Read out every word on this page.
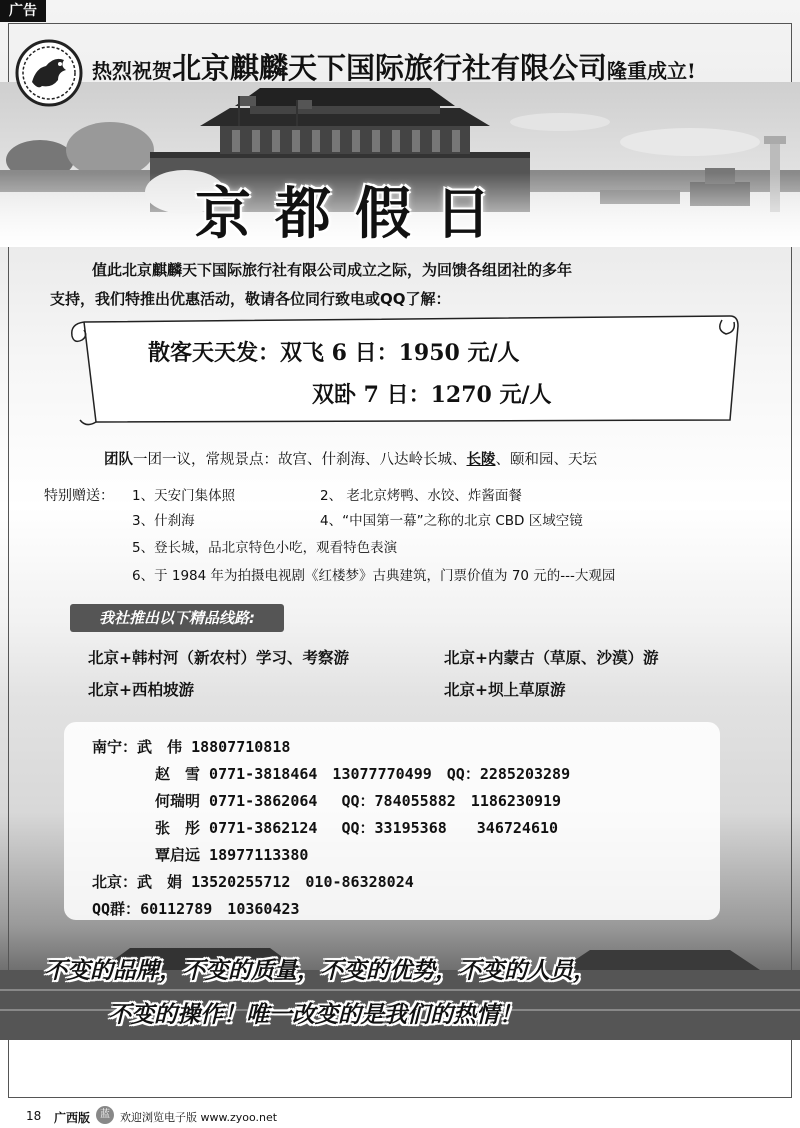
广告
热烈祝贺北京麒麟天下国际旅行社有限公司隆重成立!
京都假日

值此北京麒麟天下国际旅行社有限公司成立之际，为回馈各组团社的多年

支持，我们特推出优惠活动，敬请各位同行致电或QQ了解：

散客天天发：双飞 6 日：1950 元/人
双卧 7 日：1270 元/人
团队一团一议，常规景点：故宫、什刹海、八达岭长城、长陵、颐和园、天坛
特别赠送： 1、天安门集体照	2、 老北京烤鸭、水饺、炸酱面餐
3、什刹海	4、“中国第一幕”之称的北京 CBD 区域空镜
5、登长城，品北京特色小吃，观看特色表演
6、于 1984 年为拍摄电视剧《红楼梦》古典建筑，门票价值为 70 元的---大观园
我社推出以下精品线路:
北京+韩村河（新农村）学习、考察游	北京+内蒙古（草原、沙漠）游
北京+西柏坡游	北京+坝上草原游
南宁：武　伟 18807710818
赵　雪 0771-3818464　13077770499　QQ：2285203289
何瑞明 0771-3862064　 QQ：784055882　1186230919
张　彤 0771-3862124　 QQ：33195368　　346724610
覃启远 18977113380
北京：武　娟 13520255712　010-86328024
QQ群：60112789　10360423
不变的品牌，不变的质量，不变的优势，不变的人员，
不变的操作！唯一改变的是我们的热情！
☆ 凭我社优势长期代订：北京--全国各地 软卧、硬卧火车票（团、散均可）☆
18 广西版 蓝 欢迎浏览电子版 www.zyoo.net
